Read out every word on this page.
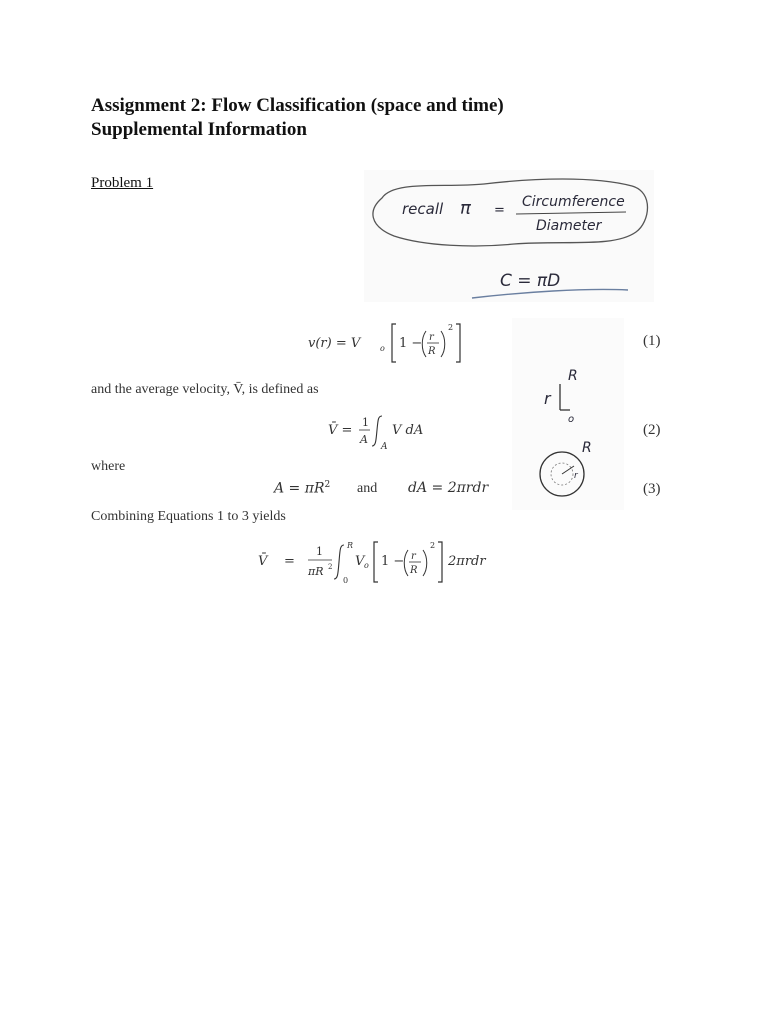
Assignment 2: Flow Classification (space and time)
Supplemental Information
Problem 1
recall π =
Circumference
Diameter
C = πD
R
r
o
R
r
v(r) = V o 1 − r
R
2
(1)
and the average velocity, V̄, is defined as
V̄ =
1
A
A
V dA	(2)
where
$A = \pi R^2$ and dA = 2πrdr	(3)
Combining Equations 1 to 3 yields
V̄ =
1
πR 2
R
0
V o 1 − r
R
2
2πrdr
